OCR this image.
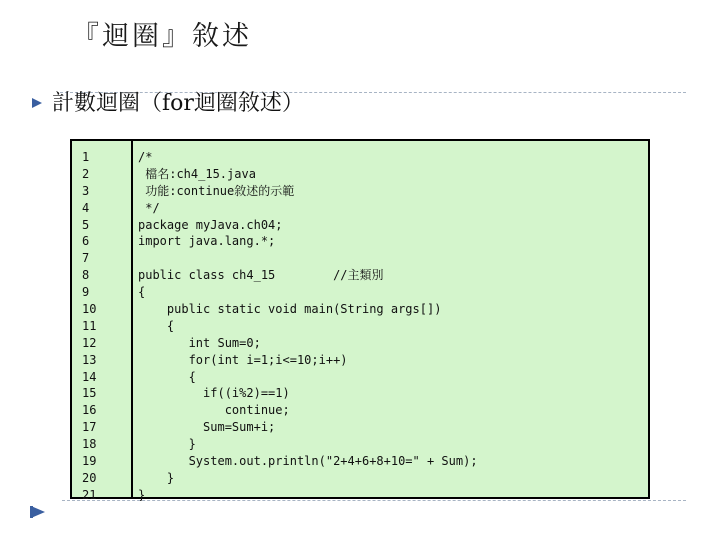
『迴圈』敘述
計數迴圈（for迴圈敘述）
1
2
3
4
5
6
7
8
9
10
11
12
13
14
15
16
17
18
19
20
21
/*
檔名:ch4_15.java
功能:continue敘述的示範
*/
package myJava.ch04;
import java.lang.*;
public class ch4_15        //主類別
{
public static void main(String args[])
{
int Sum=0;
for(int i=1;i<=10;i++)
{
if((i%2)==1)
continue;
Sum=Sum+i;
}
System.out.println("2+4+6+8+10=" + Sum);
}
}
